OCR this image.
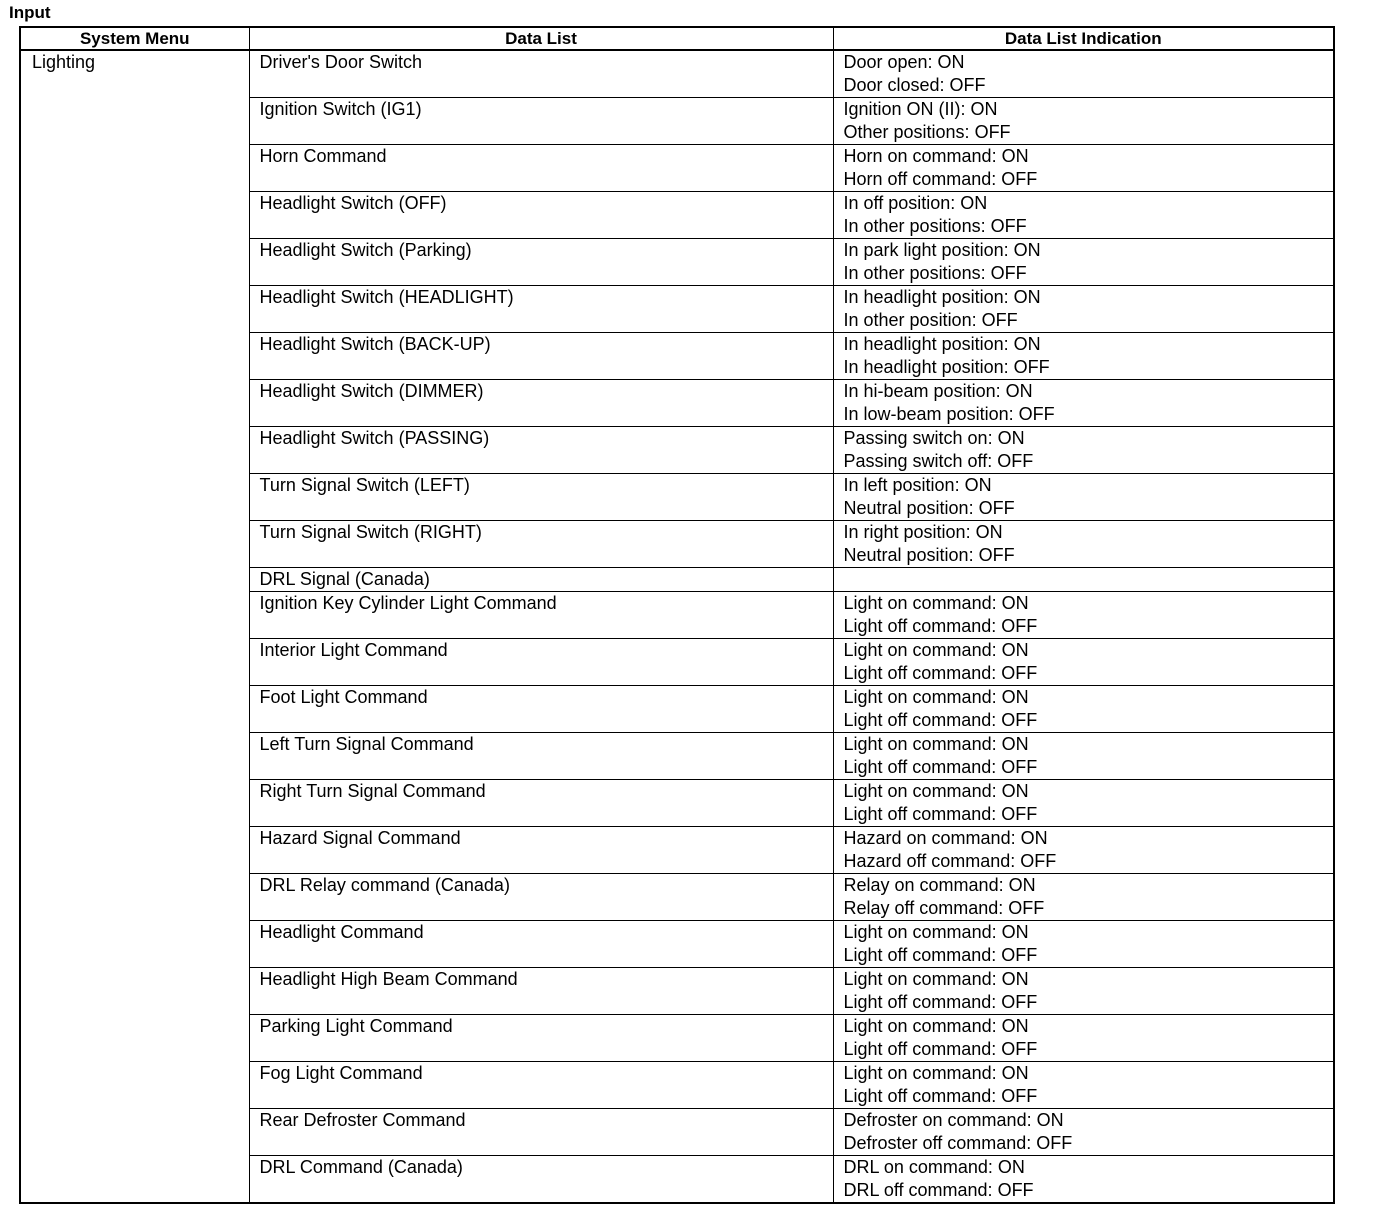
Input
System Menu	Data List	Data List Indication
Lighting	Driver's Door Switch	Door open: ON
Door closed: OFF

	Ignition Switch (IG1)	Ignition ON (II): ON
Other positions: OFF

	Horn Command	Horn on command: ON
Horn off command: OFF

	Headlight Switch (OFF)	In off position: ON
In other positions: OFF

	Headlight Switch (Parking)	In park light position: ON
In other positions: OFF

	Headlight Switch (HEADLIGHT)	In headlight position: ON
In other position: OFF

	Headlight Switch (BACK-UP)	In headlight position: ON
In headlight position: OFF

	Headlight Switch (DIMMER)	In hi-beam position: ON
In low-beam position: OFF

	Headlight Switch (PASSING)	Passing switch on: ON
Passing switch off: OFF

	Turn Signal Switch (LEFT)	In left position: ON
Neutral position: OFF

	Turn Signal Switch (RIGHT)	In right position: ON
Neutral position: OFF

	DRL Signal (Canada)	
	Ignition Key Cylinder Light Command	Light on command: ON
Light off command: OFF

	Interior Light Command	Light on command: ON
Light off command: OFF

	Foot Light Command	Light on command: ON
Light off command: OFF

	Left Turn Signal Command	Light on command: ON
Light off command: OFF

	Right Turn Signal Command	Light on command: ON
Light off command: OFF

	Hazard Signal Command	Hazard on command: ON
Hazard off command: OFF

	DRL Relay command (Canada)	Relay on command: ON
Relay off command: OFF

	Headlight Command	Light on command: ON
Light off command: OFF

	Headlight High Beam Command	Light on command: ON
Light off command: OFF

	Parking Light Command	Light on command: ON
Light off command: OFF

	Fog Light Command	Light on command: ON
Light off command: OFF

	Rear Defroster Command	Defroster on command: ON
Defroster off command: OFF

	DRL Command (Canada)	DRL on command: ON
DRL off command: OFF
